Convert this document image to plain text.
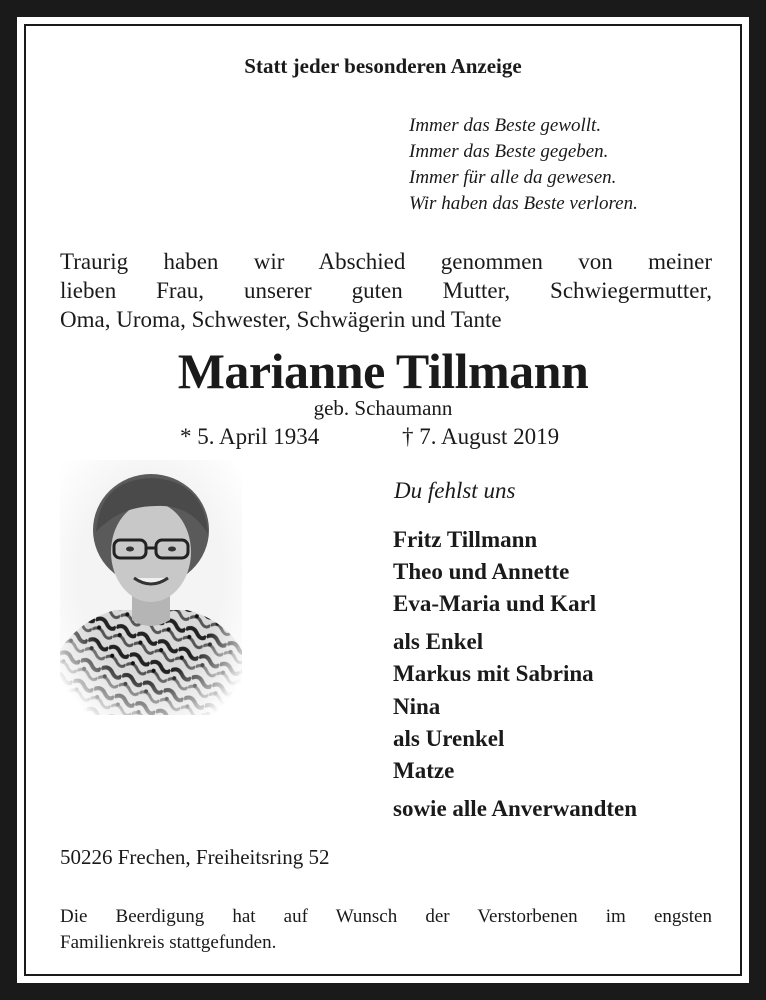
Statt jeder besonderen Anzeige
Immer das Beste gewollt.
Immer das Beste gegeben.
Immer für alle da gewesen.
Wir haben das Beste verloren.
Traurig haben wir Abschied genommen von meiner
lieben Frau, unserer guten Mutter, Schwiegermutter,
Oma, Uroma, Schwester, Schwägerin und Tante
Marianne Tillmann
geb. Schaumann
* 5. April 1934	† 7. August 2019
Du fehlst uns
Fritz Tillmann
Theo und Annette
Eva-Maria und Karl
als Enkel
Markus mit Sabrina
Nina
als Urenkel
Matze
sowie alle Anverwandten
50226 Frechen, Freiheitsring 52
Die Beerdigung hat auf Wunsch der Verstorbenen im engsten
Familienkreis stattgefunden.
